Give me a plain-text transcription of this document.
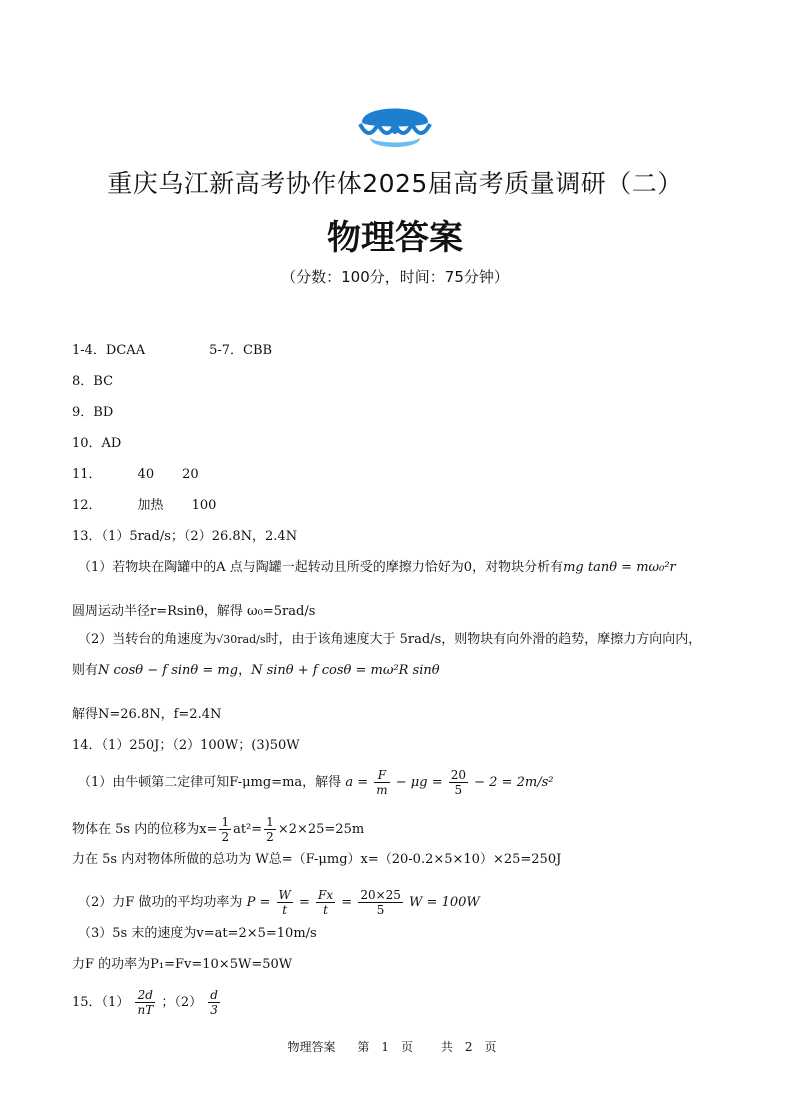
重庆乌江新高考协作体2025届高考质量调研（二）
物理答案
（分数：100分，时间：75分钟）
1-4．DCAA	5-7．CBB
8．BC
9．BD
10．AD
11．	40 20
12．	加热 100
13．（1）5rad/s；（2）26.8N，2.4N
（1）若物块在陶罐中的A 点与陶罐一起转动且所受的摩擦力恰好为0，对物块分析有mg tanθ = mω₀²r
圆周运动半径r=Rsinθ，解得 ω₀=5rad/s
（2）当转台的角速度为√30rad/s时，由于该角速度大于 5rad/s，则物块有向外滑的趋势，摩擦力方向向内，
则有N cosθ − f sinθ = mg，N sinθ + f cosθ = mω²R sinθ
解得N=26.8N，f=2.4N
14．（1）250J；（2）100W；(3)50W
（1）由牛顿第二定律可知F-μmg=ma，解得 $a = \frac{F}{m} - \mu g = \frac{20}{5} - 2 = 2m/s^2$
物体在 5s 内的位移为$x= \frac{1}{2} at^2= \frac{1}{2} \times 2\times 25=25m$
力在 5s 内对物体所做的总功为 W总=（F-μmg）x=（20-0.2×5×10）×25=250J
（2）力F 做功的平均功率为 $P = \frac{W}{t} = \frac{Fx}{t} = \frac{20\times 25}{5}$ W = 100W
（3）5s 末的速度为v=at=2×5=10m/s
力F 的功率为P₁=Fv=10×5W=50W
15．$(1) \frac{2d}{nT}$ ；$(2) \frac{d}{3}$
物理答案 第 1 页 共 2 页
